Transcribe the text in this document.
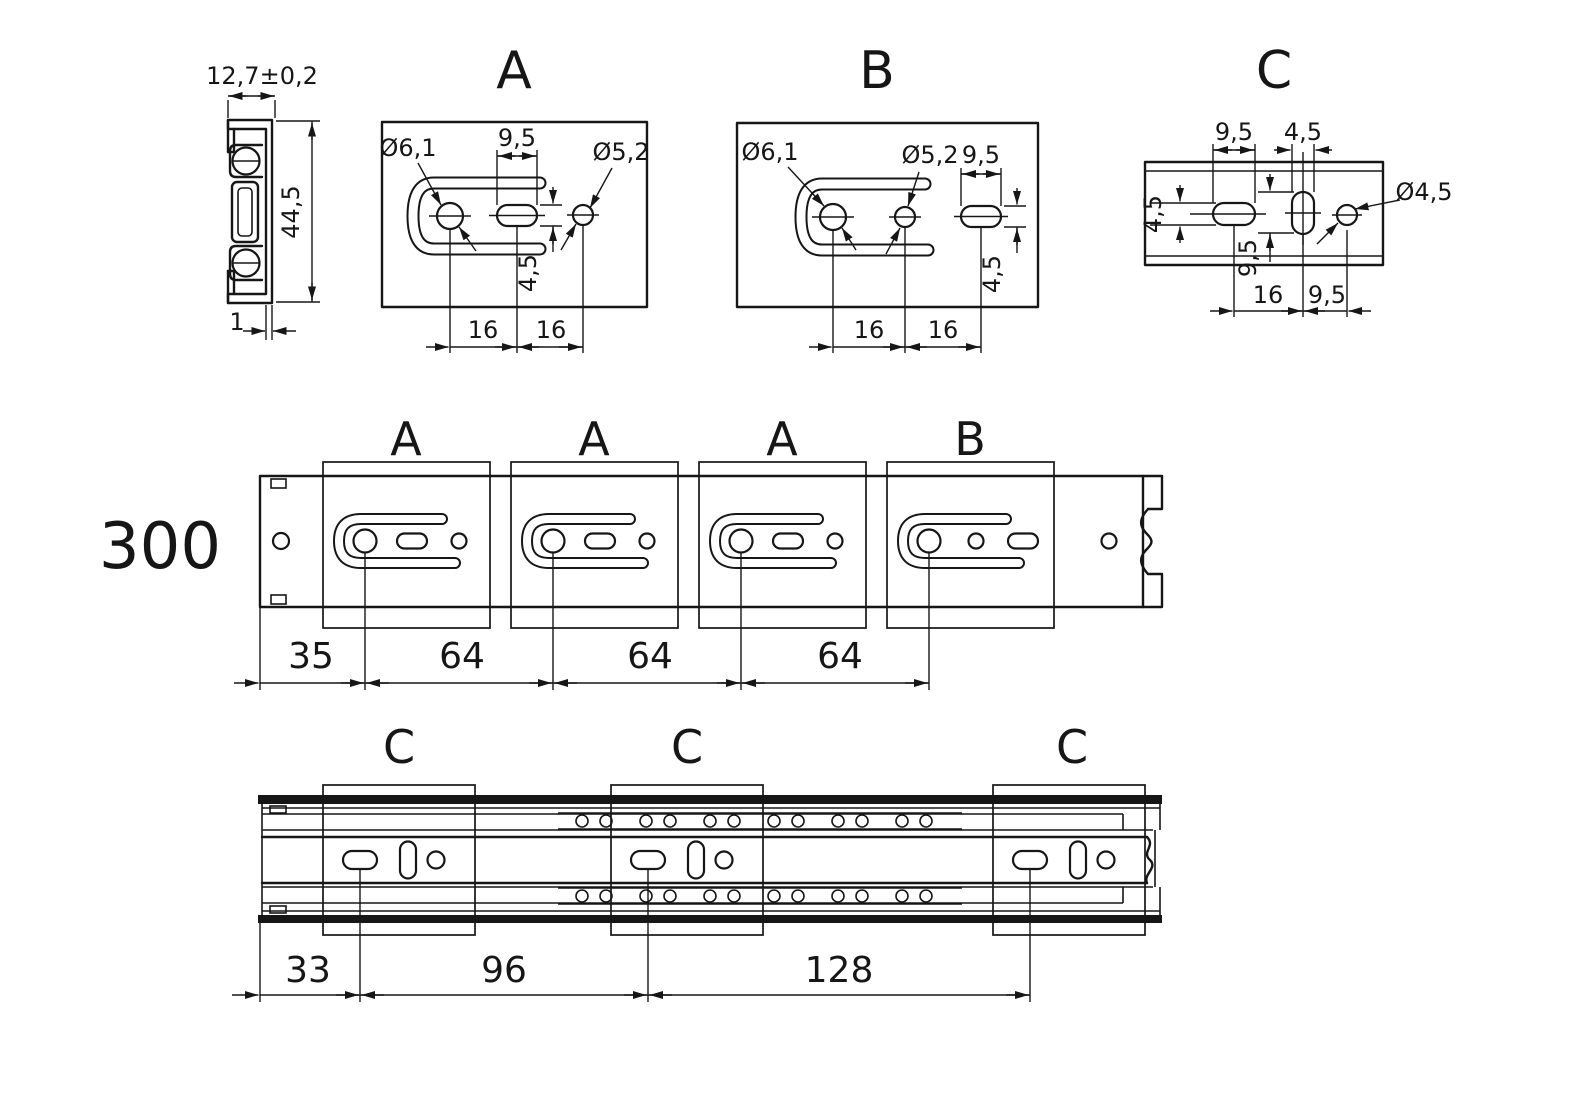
12,7±0,2
44,5
1
A
Ø6,1	9,5 Ø5,2
4,5
16 16
B
Ø6,1	Ø5,2 9,5
4,5
16 16
C
9,5 4,5
4,5
9,5
Ø4,5
16 9,5
300
A	A	A	B
35	64	64	64
C	C	C
33	96	128
